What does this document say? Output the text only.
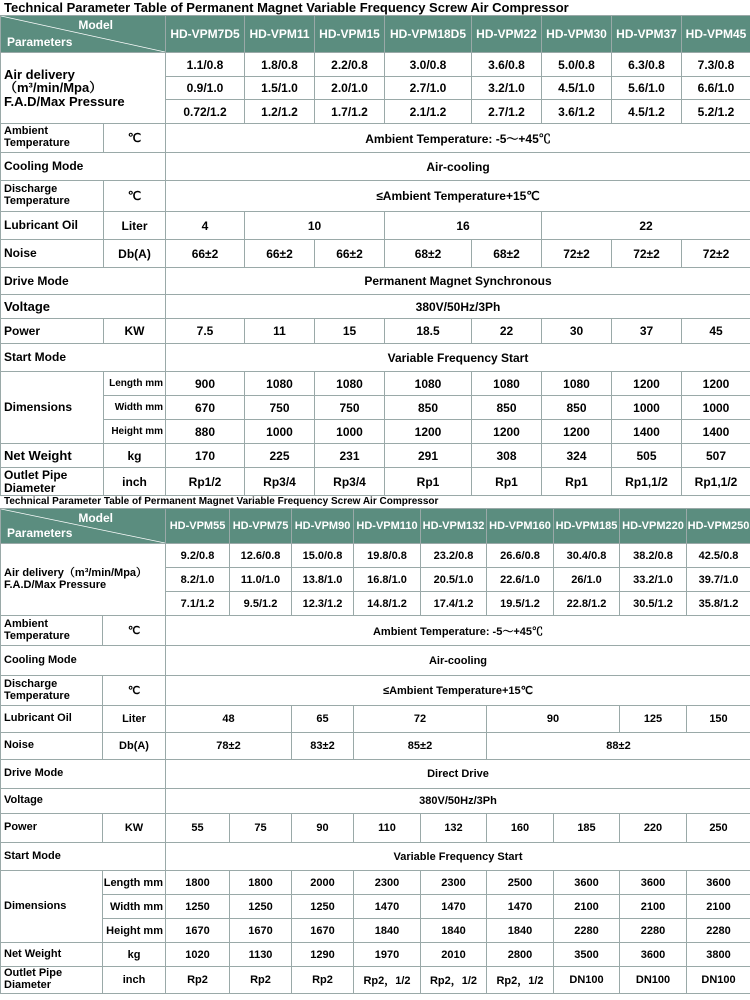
Technical Parameter Table of Permanent Magnet Variable Frequency Screw Air Compressor
Model
Parameters		HD-VPM7D5	HD-VPM11	HD-VPM15	HD-VPM18D5	HD-VPM22	HD-VPM30	HD-VPM37	HD-VPM45
Air delivery （m³/min/Mpa） F.A.D/Max Pressure		1.1/0.8	1.8/0.8	2.2/0.8	3.0/0.8	3.6/0.8	5.0/0.8	6.3/0.8	7.3/0.8
		0.9/1.0	1.5/1.0	2.0/1.0	2.7/1.0	3.2/1.0	4.5/1.0	5.6/1.0	6.6/1.0
		0.72/1.2	1.2/1.2	1.7/1.2	2.1/1.2	2.7/1.2	3.6/1.2	4.5/1.2	5.2/1.2
Ambient Temperature	℃	Ambient Temperature: -5～+45℃							
Cooling Mode		Air-cooling							
Discharge Temperature	℃	≤Ambient Temperature+15℃							
Lubricant Oil	Liter	4	10		16		22		
Noise	Db(A)	66±2	66±2	66±2	68±2	68±2	72±2	72±2	72±2
Drive Mode		Permanent Magnet Synchronous							
Voltage		380V/50Hz/3Ph							
Power	KW	7.5	11	15	18.5	22	30	37	45
Start Mode		Variable Frequency Start							
Dimensions	Length mm	900	1080	1080	1080	1080	1080	1200	1200
	Width mm	670	750	750	850	850	850	1000	1000
	Height mm	880	1000	1000	1200	1200	1200	1400	1400
Net Weight	kg	170	225	231	291	308	324	505	507
Outlet Pipe Diameter	inch	Rp1/2	Rp3/4	Rp3/4	Rp1	Rp1	Rp1	Rp1,1/2	Rp1,1/2
Technical Parameter Table of Permanent Magnet Variable Frequency Screw Air Compressor
Model
Parameters		HD-VPM55	HD-VPM75	HD-VPM90	HD-VPM110	HD-VPM132	HD-VPM160	HD-VPM185	HD-VPM220	HD-VPM250
Air delivery（m³/min/Mpa） F.A.D/Max Pressure		9.2/0.8	12.6/0.8	15.0/0.8	19.8/0.8	23.2/0.8	26.6/0.8	30.4/0.8	38.2/0.8	42.5/0.8
		8.2/1.0	11.0/1.0	13.8/1.0	16.8/1.0	20.5/1.0	22.6/1.0	26/1.0	33.2/1.0	39.7/1.0
		7.1/1.2	9.5/1.2	12.3/1.2	14.8/1.2	17.4/1.2	19.5/1.2	22.8/1.2	30.5/1.2	35.8/1.2
Ambient Temperature	℃	Ambient Temperature: -5～+45℃								
Cooling Mode		Air-cooling								
Discharge Temperature	℃	≤Ambient Temperature+15℃								
Lubricant Oil	Liter	48		65	72		90		125	150
Noise	Db(A)	78±2		83±2	85±2		88±2			
Drive Mode		Direct Drive								
Voltage		380V/50Hz/3Ph								
Power	KW	55	75	90	110	132	160	185	220	250
Start Mode		Variable Frequency Start								
Dimensions	Length mm	1800	1800	2000	2300	2300	2500	3600	3600	3600
	Width mm	1250	1250	1250	1470	1470	1470	2100	2100	2100
	Height mm	1670	1670	1670	1840	1840	1840	2280	2280	2280
Net Weight	kg	1020	1130	1290	1970	2010	2800	3500	3600	3800
Outlet Pipe Diameter	inch	Rp2	Rp2	Rp2	Rp2，1/2	Rp2，1/2	Rp2，1/2	DN100	DN100	DN100
